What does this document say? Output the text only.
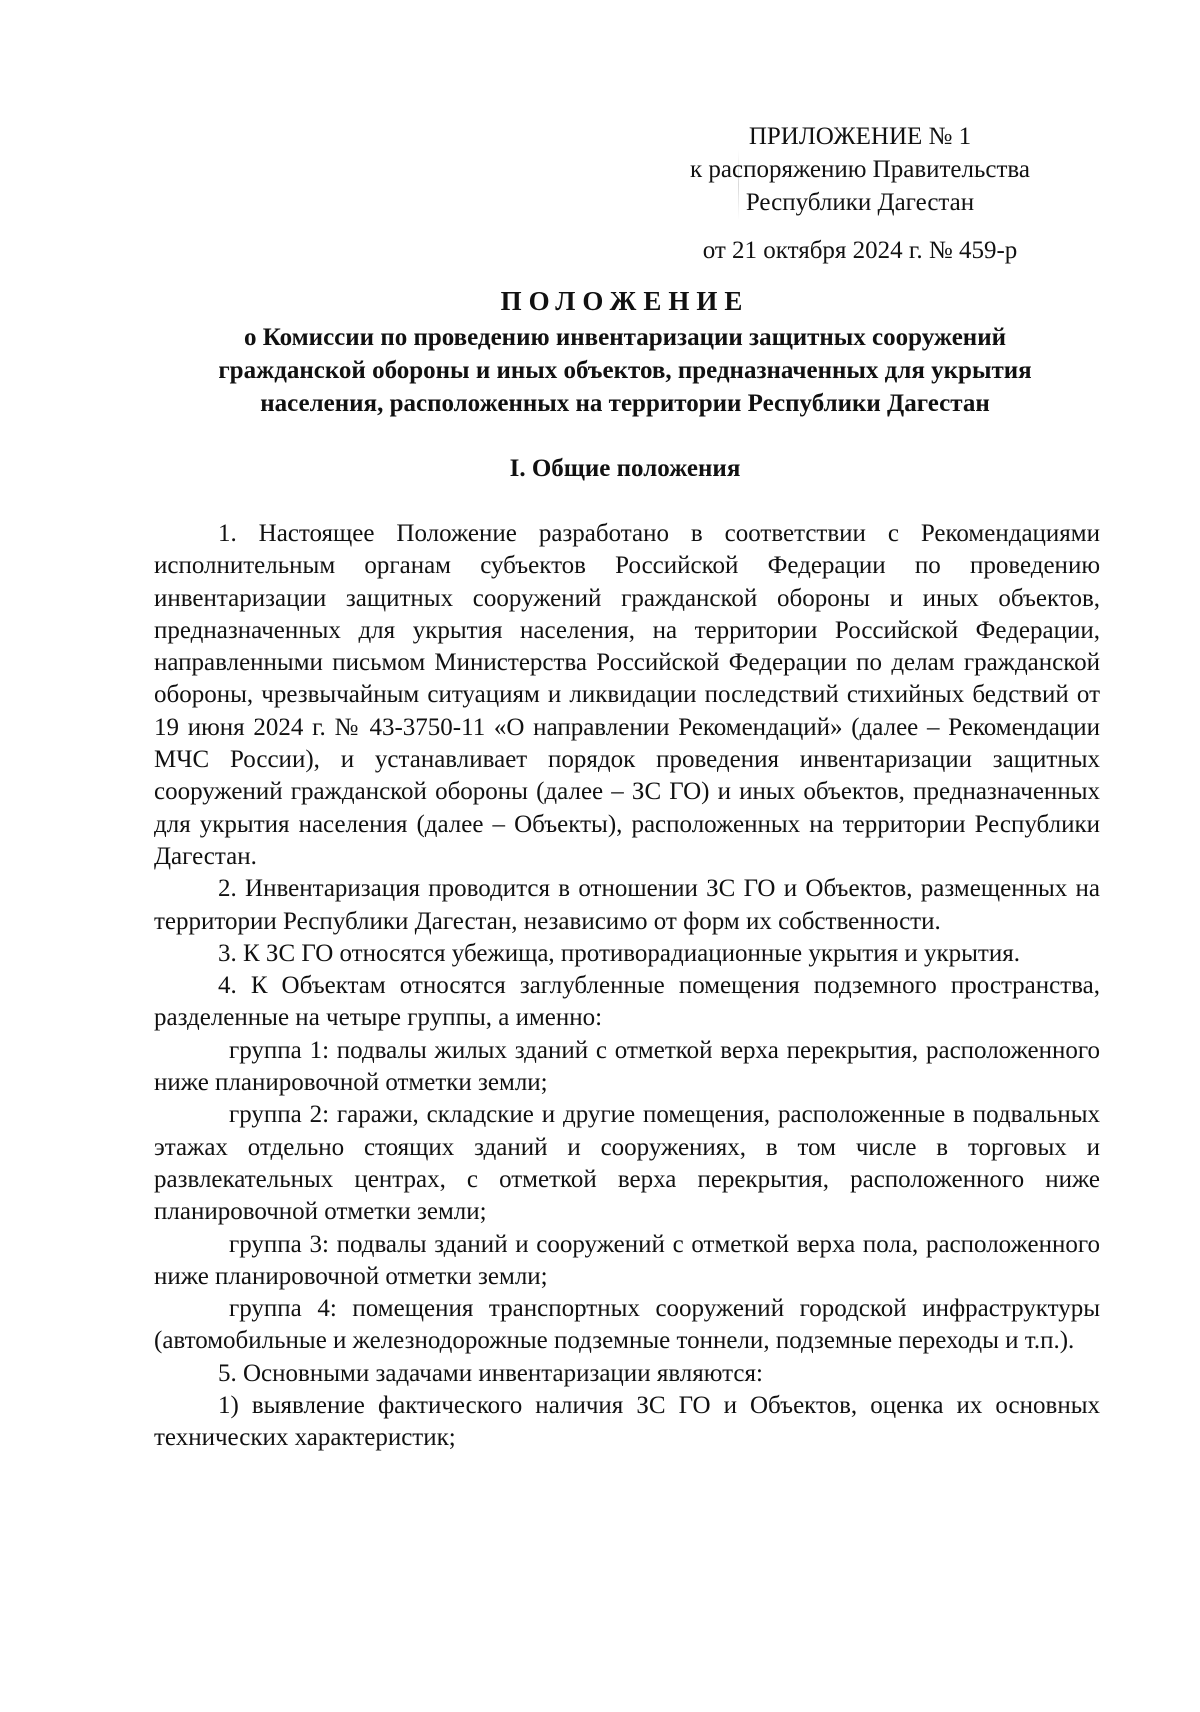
ПРИЛОЖЕНИЕ № 1
к распоряжению Правительства
Республики Дагестан
от 21 октября 2024 г. № 459-р
ПОЛОЖЕНИЕ
о Комиссии по проведению инвентаризации защитных сооружений
гражданской обороны и иных объектов, предназначенных для укрытия
населения, расположенных на территории Республики Дагестан
I. Общие положения

1. Настоящее Положение разработано в соответствии с Рекомендациями исполнительным органам субъектов Российской Федерации по проведению инвентаризации защитных сооружений гражданской обороны и иных объектов, предназначенных для укрытия населения, на территории Российской Федерации, направленными письмом Министерства Российской Федерации по делам гражданской обороны, чрезвычайным ситуациям и ликвидации последствий стихийных бедствий от 19 июня 2024 г. № 43-3750-11 «О направлении Рекомендаций» (далее – Рекомендации МЧС России), и устанавливает порядок проведения инвентаризации защитных сооружений гражданской обороны (далее – ЗС ГО) и иных объектов, предназначенных для укрытия населения (далее – Объекты), расположенных на территории Республики Дагестан.

2. Инвентаризация проводится в отношении ЗС ГО и Объектов, размещенных на территории Республики Дагестан, независимо от форм их собственности.

3. К ЗС ГО относятся убежища, противорадиационные укрытия и укрытия.

4. К Объектам относятся заглубленные помещения подземного пространства, разделенные на четыре группы, а именно:

группа 1: подвалы жилых зданий с отметкой верха перекрытия, расположенного ниже планировочной отметки земли;

группа 2: гаражи, складские и другие помещения, расположенные в подвальных этажах отдельно стоящих зданий и сооружениях, в том числе в торговых и развлекательных центрах, с отметкой верха перекрытия, расположенного ниже планировочной отметки земли;

группа 3: подвалы зданий и сооружений с отметкой верха пола, расположенного ниже планировочной отметки земли;

группа 4: помещения транспортных сооружений городской инфраструктуры (автомобильные и железнодорожные подземные тоннели, подземные переходы и т.п.).

5. Основными задачами инвентаризации являются:

1) выявление фактического наличия ЗС ГО и Объектов, оценка их основных технических характеристик;
